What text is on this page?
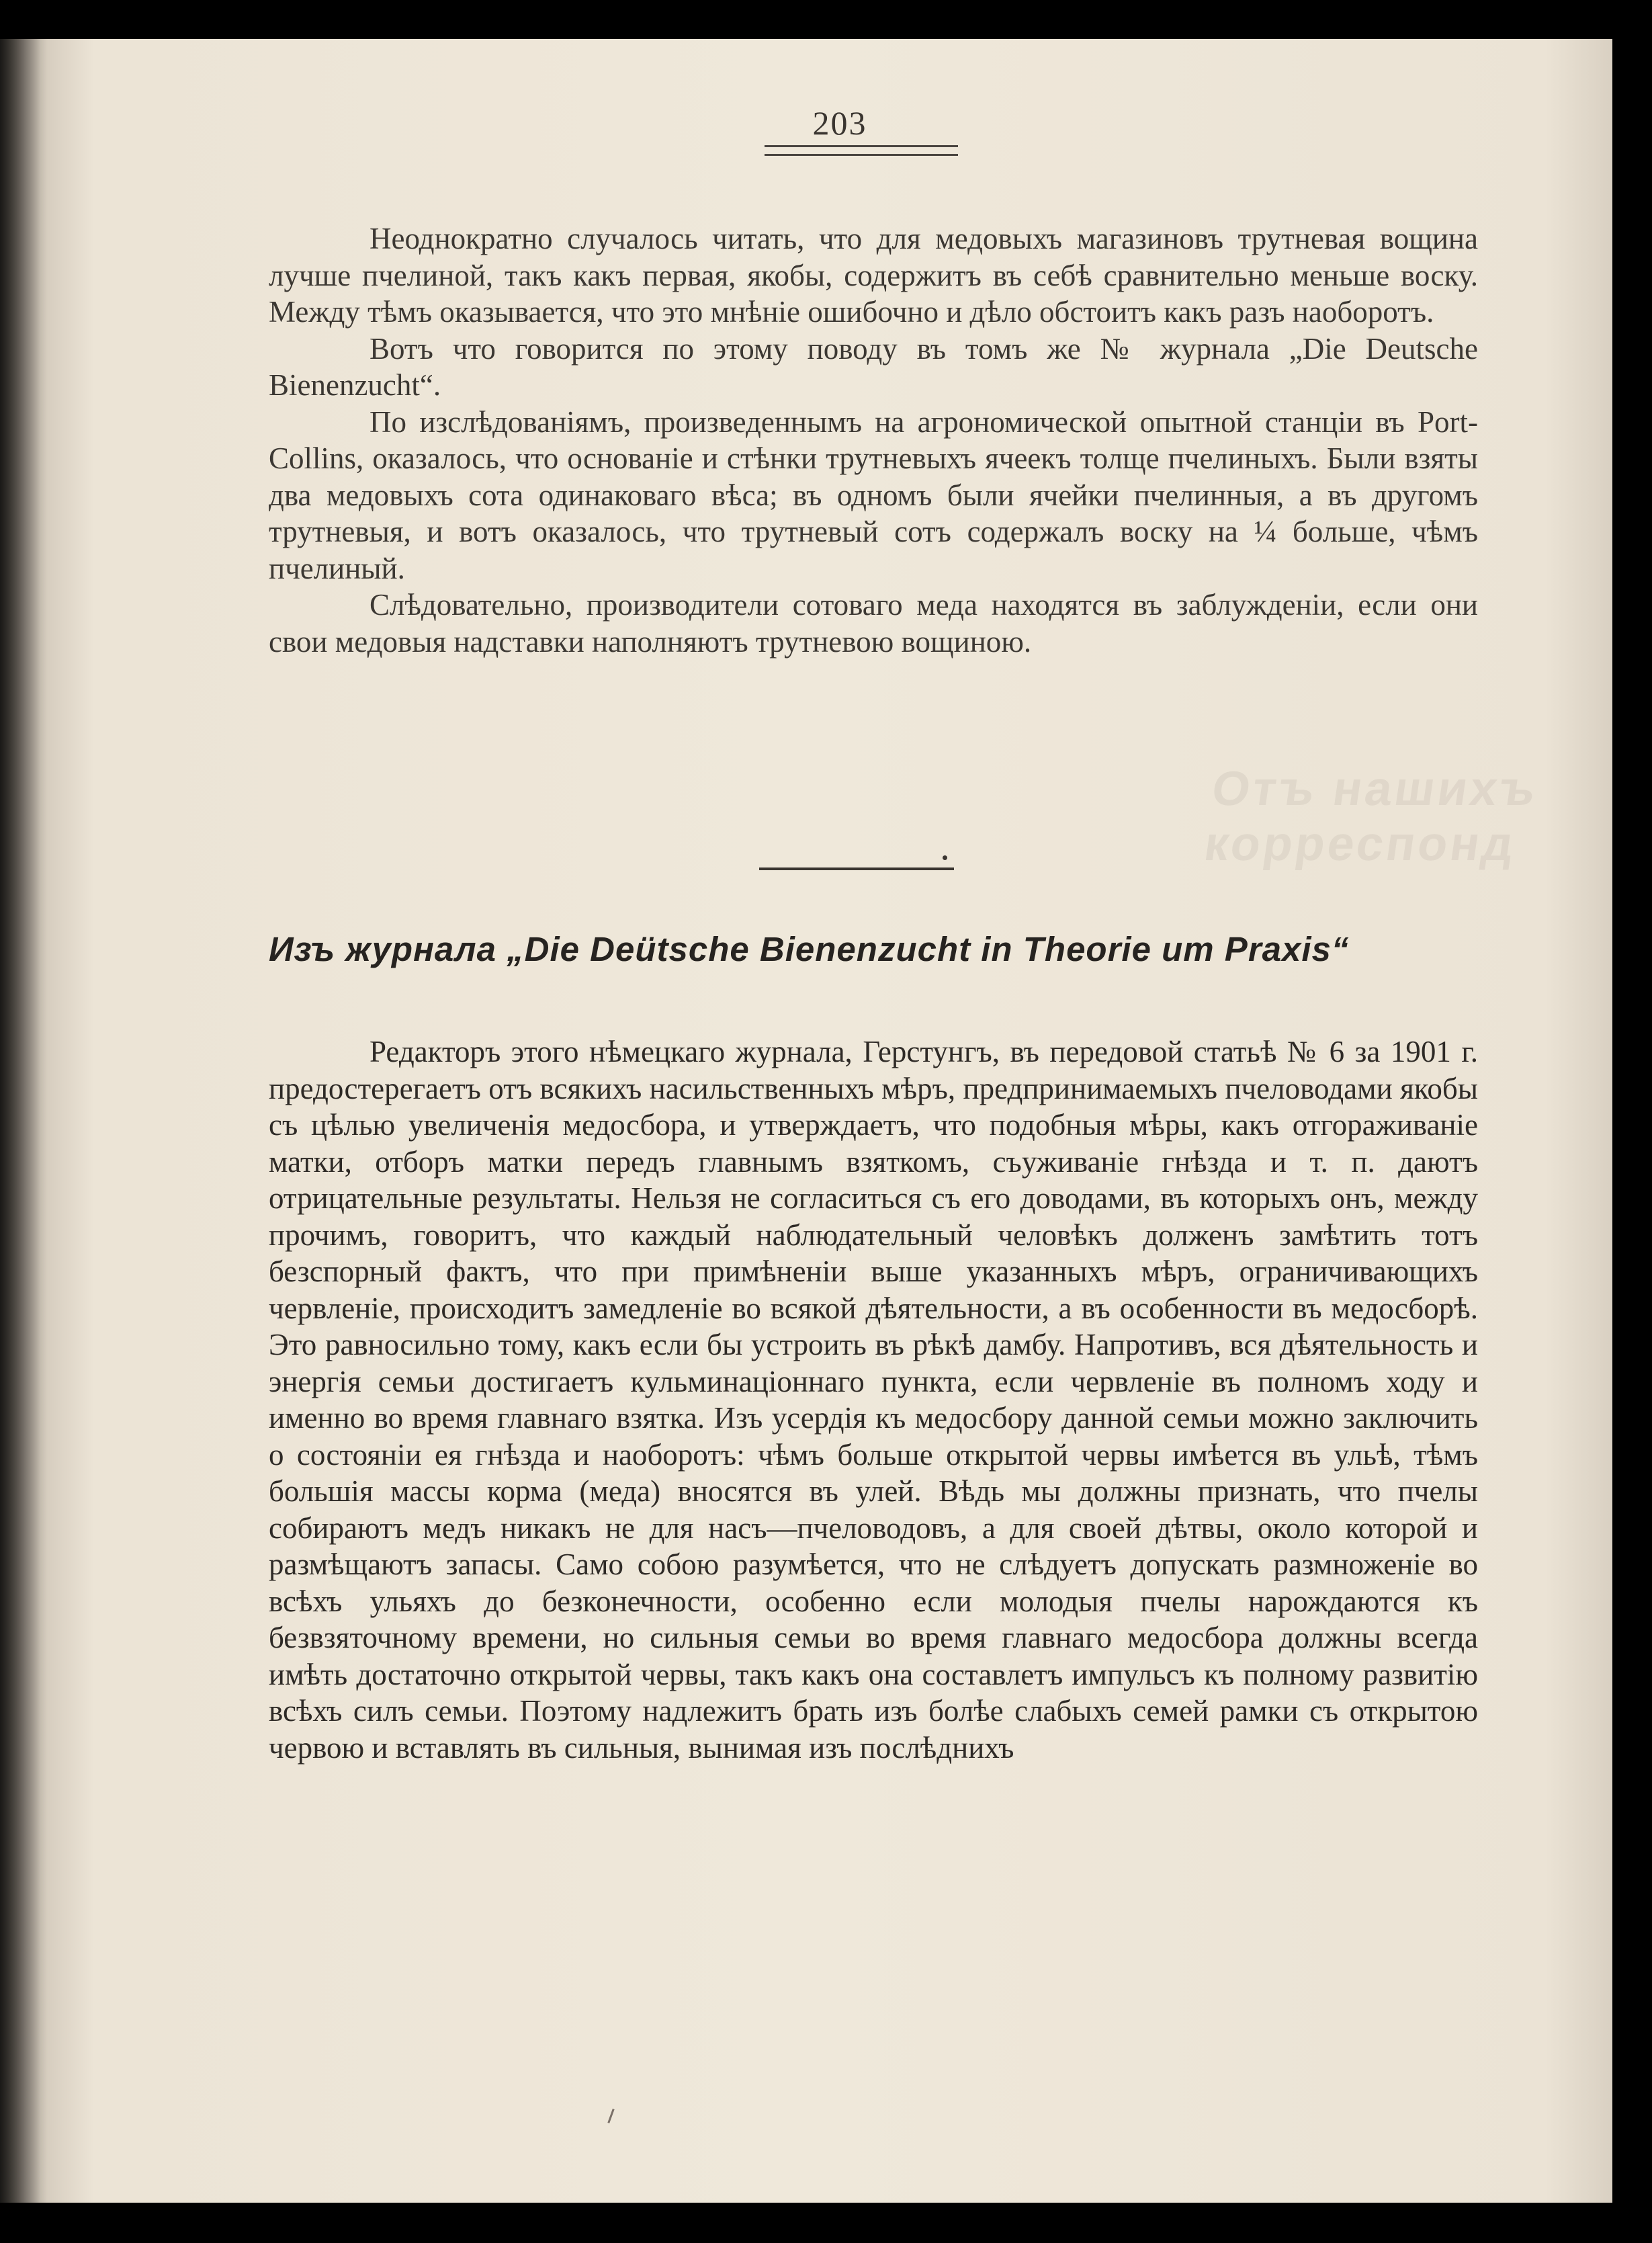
203

Неоднократно случалось читать, что для медовыхъ магазиновъ трутневая вощина лучше пчелиной, такъ какъ первая, якобы, содержитъ въ себѣ сравнительно меньше воску. Между тѣмъ оказывается, что это мнѣніе ошибочно и дѣло обстоитъ какъ разъ наоборотъ.

Вотъ что говорится по этому поводу въ томъ же № журнала „Die Deutsche Bienenzucht“.

По изслѣдованіямъ, произведеннымъ на агрономической опытной станціи въ Port-Collins, оказалось, что основаніе и стѣнки трутневыхъ ячеекъ толще пчелиныхъ. Были взяты два медовыхъ сота одинаковаго вѣса; въ одномъ были ячейки пчелинныя, а въ другомъ трутневыя, и вотъ оказалось, что трутневый сотъ содержалъ воску на ¼ больше, чѣмъ пчелиный.

Слѣдовательно, производители сотоваго меда находятся въ заблужденіи, если они свои медовыя надставки наполняютъ трутневою вощиною.

Отъ нашихъ корреспонд
Изъ журнала „Die Deütsche Bienenzucht in Theorie um Praxis“

Редакторъ этого нѣмецкаго журнала, Герстунгъ, въ передовой статьѣ № 6 за 1901 г. предостерегаетъ отъ всякихъ насильственныхъ мѣръ, предпринимаемыхъ пчеловодами якобы съ цѣлью увеличенія медосбора, и утверждаетъ, что подобныя мѣры, какъ отгораживаніе матки, отборъ матки передъ главнымъ взяткомъ, съуживаніе гнѣзда и т. п. даютъ отрицательные результаты. Нельзя не согласиться съ его доводами, въ которыхъ онъ, между прочимъ, говоритъ, что каждый наблюдательный человѣкъ долженъ замѣтить тотъ безспорный фактъ, что при примѣненіи выше указанныхъ мѣръ, ограничивающихъ червленіе, происходитъ замедленіе во всякой дѣятельности, а въ особенности въ медосборѣ. Это равносильно тому, какъ если бы устроить въ рѣкѣ дамбу. Напротивъ, вся дѣятельность и энергія семьи достигаетъ кульминаціоннаго пункта, если червленіе въ полномъ ходу и именно во время главнаго взятка. Изъ усердія къ медосбору данной семьи можно заключить о состояніи ея гнѣзда и наоборотъ: чѣмъ больше открытой червы имѣется въ ульѣ, тѣмъ большія массы корма (меда) вносятся въ улей. Вѣдь мы должны признать, что пчелы собираютъ медъ никакъ не для насъ—пчеловодовъ, а для своей дѣтвы, около которой и размѣщаютъ запасы. Само собою разумѣется, что не слѣдуетъ допускать размноженіе во всѣхъ ульяхъ до безконечности, особенно если молодыя пчелы нарождаются къ безвзяточному времени, но сильныя семьи во время главнаго медосбора должны всегда имѣть достаточно открытой червы, такъ какъ она составлетъ импульсъ къ полному развитію всѣхъ силъ семьи. Поэтому надлежитъ брать изъ болѣе слабыхъ семей рамки съ открытою червою и вставлять въ сильныя, вынимая изъ послѣднихъ
